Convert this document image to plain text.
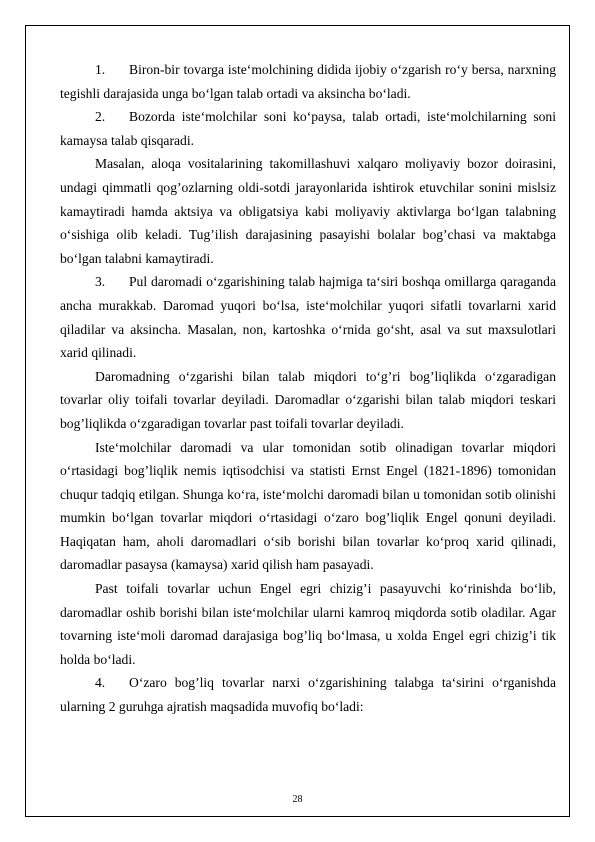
1. Biron-bir tovarga iste‘molchining didida ijobiy o‘zgarish ro‘y bersa, narxning tegishli darajasida unga bo‘lgan talab ortadi va aksincha bo‘ladi.

2. Bozorda iste‘molchilar soni ko‘paysa, talab ortadi, iste‘molchilarning soni kamaysa talab qisqaradi.

Masalan, aloqa vositalarining takomillashuvi xalqaro moliyaviy bozor doirasini, undagi qimmatli qog’ozlarning oldi-sotdi jarayonlarida ishtirok etuvchilar sonini mislsiz kamaytiradi hamda aktsiya va obligatsiya kabi moliyaviy aktivlarga bo‘lgan talabning o‘sishiga olib keladi. Tug’ilish darajasining pasayishi bolalar bog’chasi va maktabga bo‘lgan talabni kamaytiradi.

3. Pul daromadi o‘zgarishining talab hajmiga ta‘siri boshqa omillarga qaraganda ancha murakkab. Daromad yuqori bo‘lsa, iste‘molchilar yuqori sifatli tovarlarni xarid qiladilar va aksincha. Masalan, non, kartoshka o‘rnida go‘sht, asal va sut maxsulotlari xarid qilinadi.

Daromadning o‘zgarishi bilan talab miqdori to‘g’ri bog’liqlikda o‘zgaradigan tovarlar oliy toifali tovarlar deyiladi. Daromadlar o‘zgarishi bilan talab miqdori teskari bog’liqlikda o‘zgaradigan tovarlar past toifali tovarlar deyiladi.

Iste‘molchilar daromadi va ular tomonidan sotib olinadigan tovarlar miqdori o‘rtasidagi bog’liqlik nemis iqtisodchisi va statisti Ernst Engel (1821-1896) tomonidan chuqur tadqiq etilgan. Shunga ko‘ra, iste‘molchi daromadi bilan u tomonidan sotib olinishi mumkin bo‘lgan tovarlar miqdori o‘rtasidagi o‘zaro bog’liqlik Engel qonuni deyiladi. Haqiqatan ham, aholi daromadlari o‘sib borishi bilan tovarlar ko‘proq xarid qilinadi, daromadlar pasaysa (kamaysa) xarid qilish ham pasayadi.

Past toifali tovarlar uchun Engel egri chizig’i pasayuvchi ko‘rinishda bo‘lib, daromadlar oshib borishi bilan iste‘molchilar ularni kamroq miqdorda sotib oladilar. Agar tovarning iste‘moli daromad darajasiga bog’liq bo‘lmasa, u xolda Engel egri chizig’i tik holda bo‘ladi.

4. O‘zaro bog’liq tovarlar narxi o‘zgarishining talabga ta‘sirini o‘rganishda ularning 2 guruhga ajratish maqsadida muvofiq bo‘ladi:

28
